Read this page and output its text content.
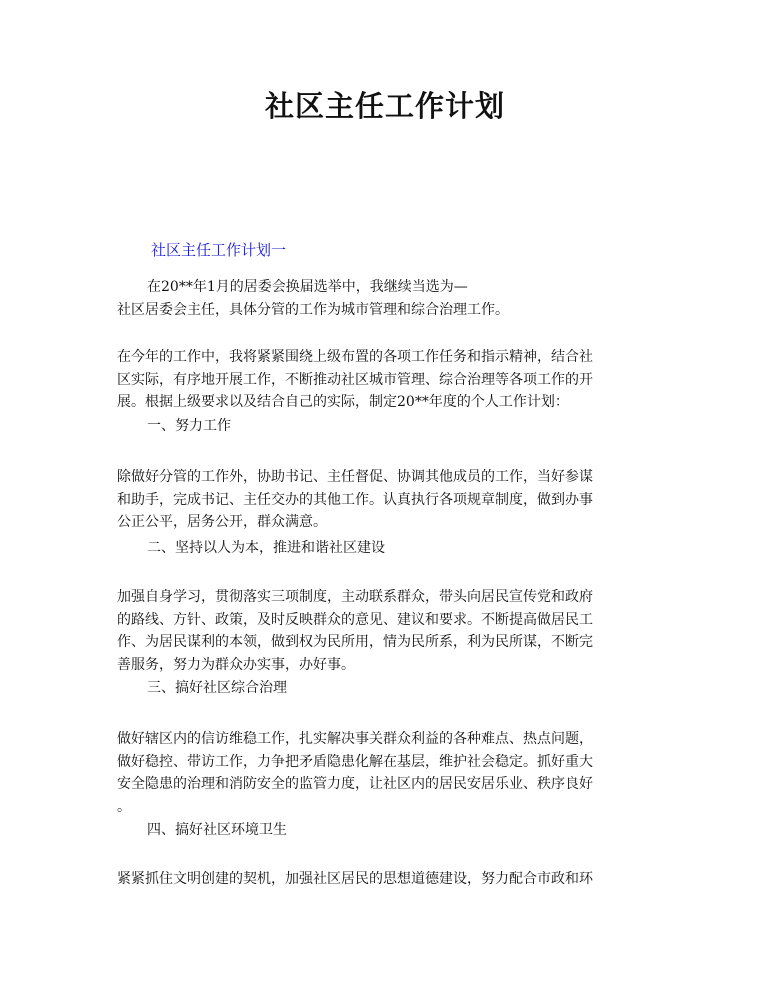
社区主任工作计划
社区主任工作计划一

在20**年1月的居委会换届选举中，我继续当选为—
社区居委会主任，具体分管的工作为城市管理和综合治理工作。

在今年的工作中，我将紧紧围绕上级布置的各项工作任务和指示精神，结合社
区实际，有序地开展工作，不断推动社区城市管理、综合治理等各项工作的开
展。根据上级要求以及结合自己的实际，制定20**年度的个人工作计划：

一、努力工作

除做好分管的工作外，协助书记、主任督促、协调其他成员的工作，当好参谋
和助手，完成书记、主任交办的其他工作。认真执行各项规章制度，做到办事
公正公平，居务公开，群众满意。

二、坚持以人为本，推进和谐社区建设

加强自身学习，贯彻落实三项制度，主动联系群众，带头向居民宣传党和政府
的路线、方针、政策，及时反映群众的意见、建议和要求。不断提高做居民工
作、为居民谋利的本领，做到权为民所用，情为民所系，利为民所谋，不断完
善服务，努力为群众办实事，办好事。

三、搞好社区综合治理

做好辖区内的信访维稳工作，扎实解决事关群众利益的各种难点、热点问题，
做好稳控、带访工作，力争把矛盾隐患化解在基层，维护社会稳定。抓好重大
安全隐患的治理和消防安全的监管力度，让社区内的居民安居乐业、秩序良好
。

四、搞好社区环境卫生

紧紧抓住文明创建的契机，加强社区居民的思想道德建设，努力配合市政和环
